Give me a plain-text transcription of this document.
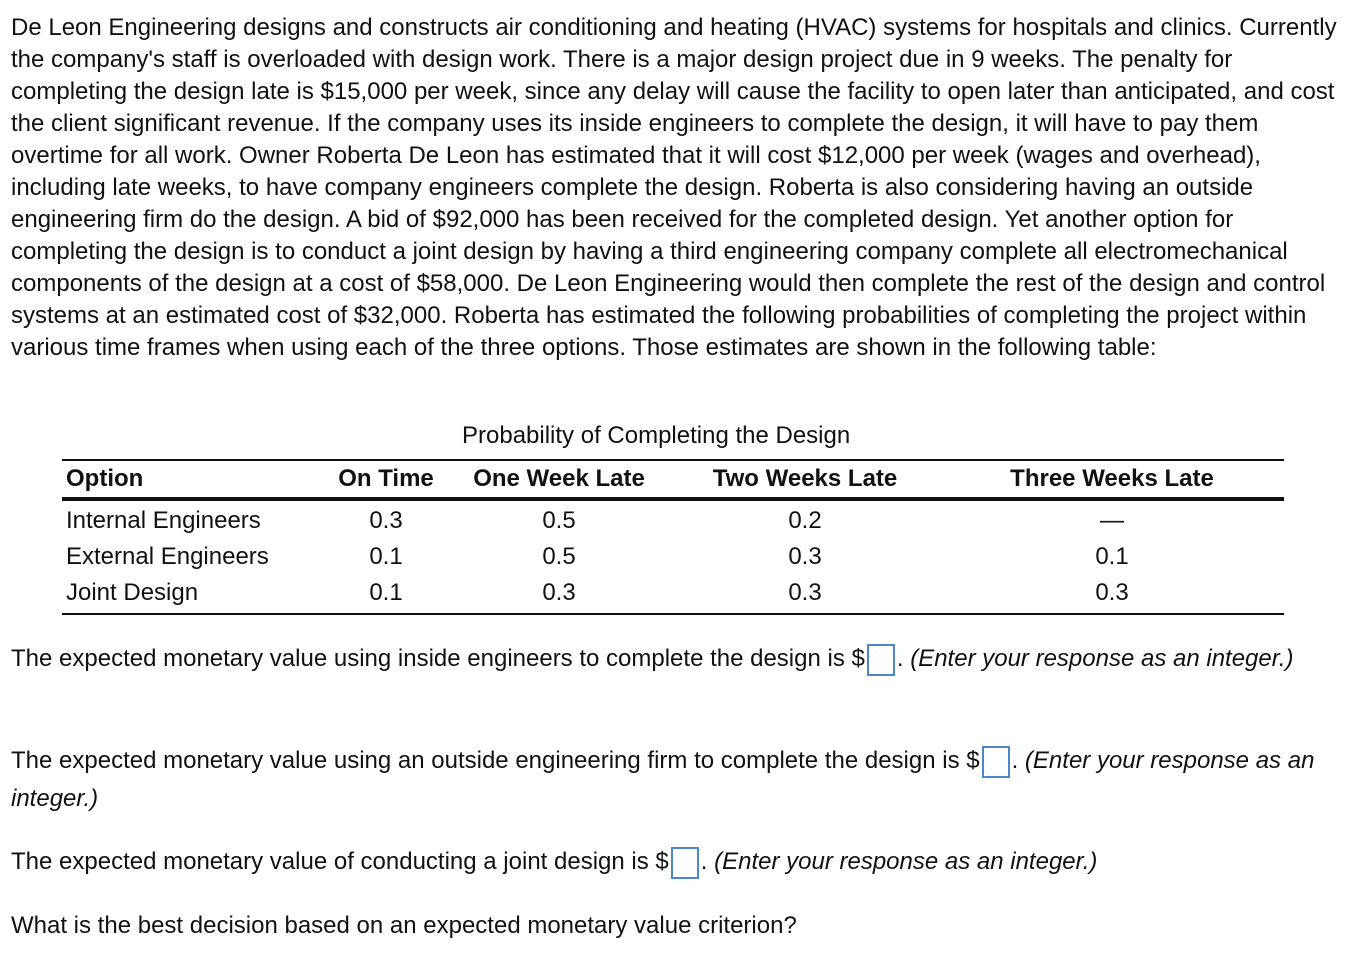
De Leon Engineering designs and constructs air conditioning and heating (HVAC) systems for hospitals and clinics. Currently the company's staff is overloaded with design work. There is a major design project due in 9 weeks. The penalty for completing the design late is $15,000 per week, since any delay will cause the facility to open later than anticipated, and cost the client significant revenue. If the company uses its inside engineers to complete the design, it will have to pay them overtime for all work. Owner Roberta De Leon has estimated that it will cost $12,000 per week (wages and overhead), including late weeks, to have company engineers complete the design. Roberta is also considering having an outside engineering firm do the design. A bid of $92,000 has been received for the completed design. Yet another option for completing the design is to conduct a joint design by having a third engineering company complete all electromechanical components of the design at a cost of $58,000. De Leon Engineering would then complete the rest of the design and control systems at an estimated cost of $32,000. Roberta has estimated the following probabilities of completing the project within various time frames when using each of the three options. Those estimates are shown in the following table:

Probability of Completing the Design
Option	On Time	One Week Late	Two Weeks Late	Three Weeks Late
Internal Engineers	0.3	0.5	0.2	—
External Engineers	0.1	0.5	0.3	0.1
Joint Design	0.1	0.3	0.3	0.3
The expected monetary value using inside engineers to complete the design is $ . (Enter your response as an integer.)
The expected monetary value using an outside engineering firm to complete the design is $ . (Enter your response as an integer.)
The expected monetary value of conducting a joint design is $ . (Enter your response as an integer.)
What is the best decision based on an expected monetary value criterion?
